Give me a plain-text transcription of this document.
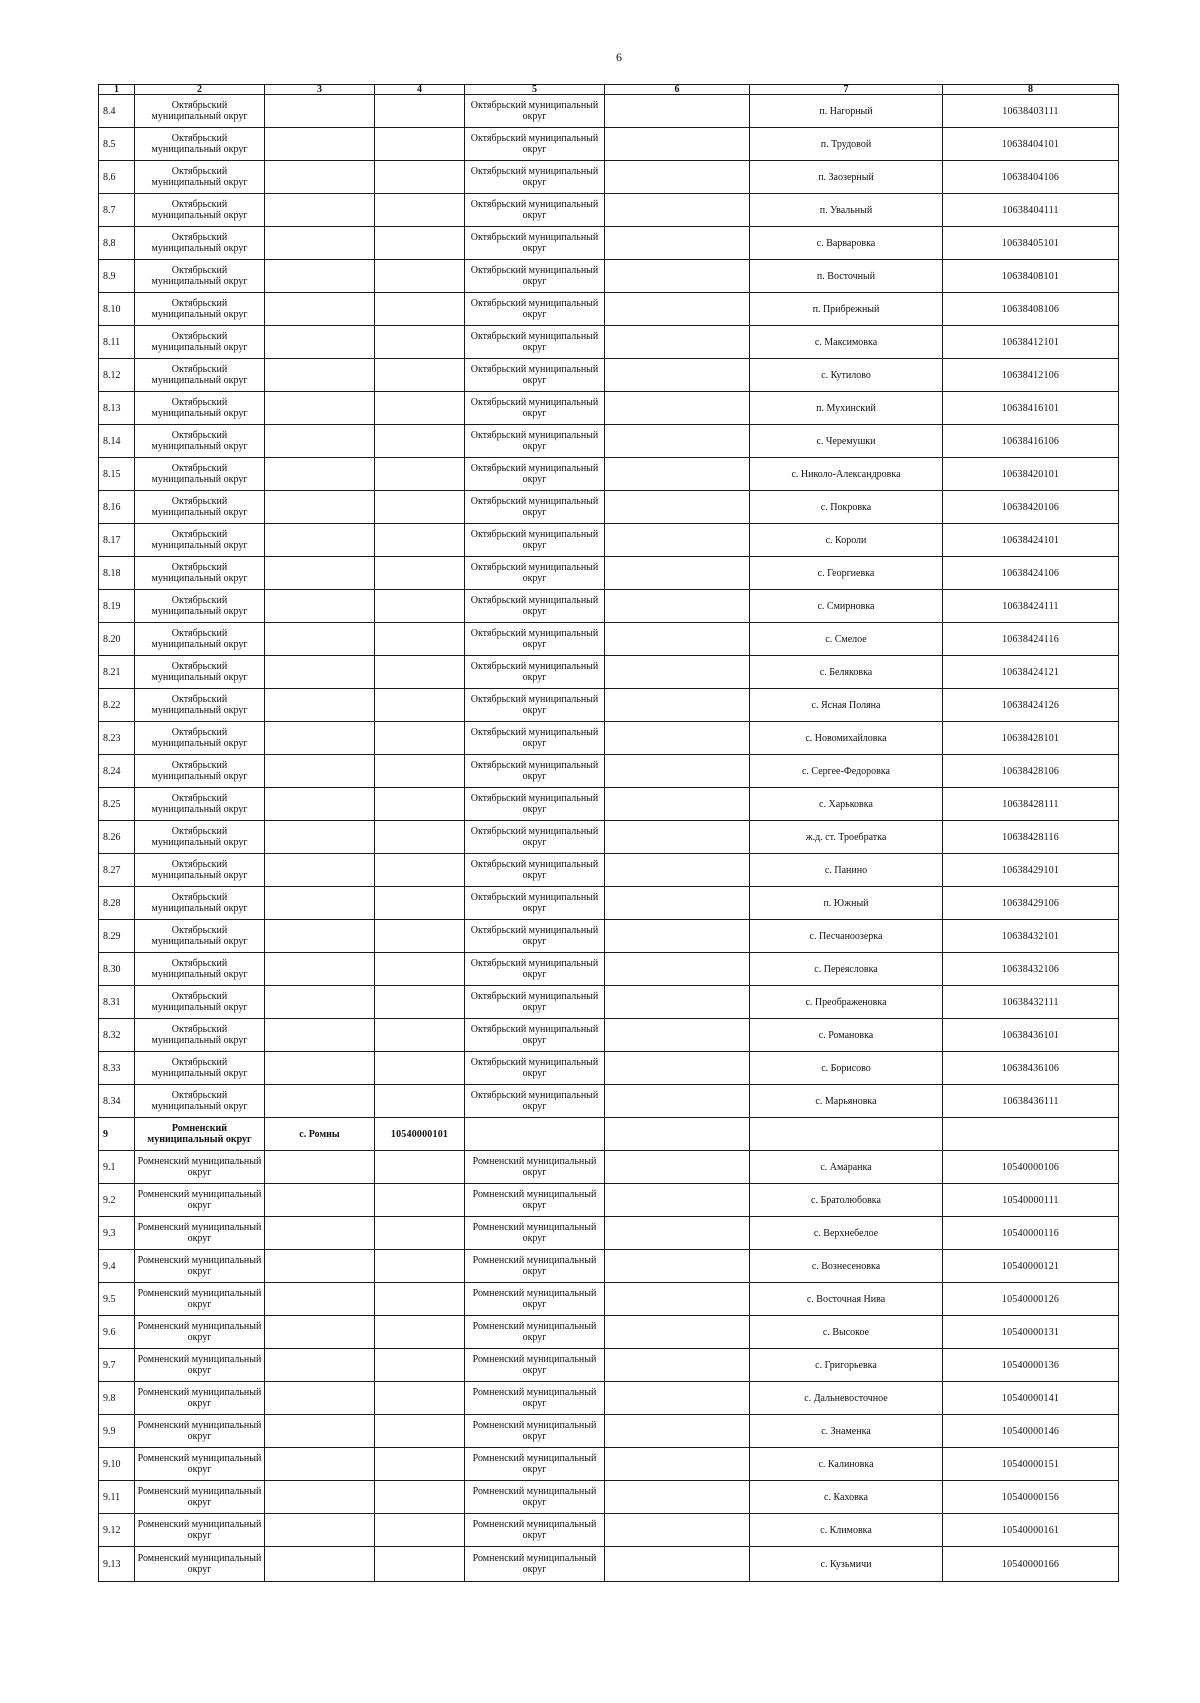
6
1	2	3	4	5	6	7	8
8.4	Октябрьский муниципальный округ			Октябрьский муниципальный округ		п. Нагорный	10638403111
8.5	Октябрьский муниципальный округ			Октябрьский муниципальный округ		п. Трудовой	10638404101
8.6	Октябрьский муниципальный округ			Октябрьский муниципальный округ		п. Заозерный	10638404106
8.7	Октябрьский муниципальный округ			Октябрьский муниципальный округ		п. Увальный	10638404111
8.8	Октябрьский муниципальный округ			Октябрьский муниципальный округ		с. Варваровка	10638405101
8.9	Октябрьский муниципальный округ			Октябрьский муниципальный округ		п. Восточный	10638408101
8.10	Октябрьский муниципальный округ			Октябрьский муниципальный округ		п. Прибрежный	10638408106
8.11	Октябрьский муниципальный округ			Октябрьский муниципальный округ		с. Максимовка	10638412101
8.12	Октябрьский муниципальный округ			Октябрьский муниципальный округ		с. Кутилово	10638412106
8.13	Октябрьский муниципальный округ			Октябрьский муниципальный округ		п. Мухинский	10638416101
8.14	Октябрьский муниципальный округ			Октябрьский муниципальный округ		с. Черемушки	10638416106
8.15	Октябрьский муниципальный округ			Октябрьский муниципальный округ		с. Николо-Александровка	10638420101
8.16	Октябрьский муниципальный округ			Октябрьский муниципальный округ		с. Покровка	10638420106
8.17	Октябрьский муниципальный округ			Октябрьский муниципальный округ		с. Короли	10638424101
8.18	Октябрьский муниципальный округ			Октябрьский муниципальный округ		с. Георгиевка	10638424106
8.19	Октябрьский муниципальный округ			Октябрьский муниципальный округ		с. Смирновка	10638424111
8.20	Октябрьский муниципальный округ			Октябрьский муниципальный округ		с. Смелое	10638424116
8.21	Октябрьский муниципальный округ			Октябрьский муниципальный округ		с. Беляковка	10638424121
8.22	Октябрьский муниципальный округ			Октябрьский муниципальный округ		с. Ясная Поляна	10638424126
8.23	Октябрьский муниципальный округ			Октябрьский муниципальный округ		с. Новомихайловка	10638428101
8.24	Октябрьский муниципальный округ			Октябрьский муниципальный округ		с. Сергее-Федоровка	10638428106
8.25	Октябрьский муниципальный округ			Октябрьский муниципальный округ		с. Харьковка	10638428111
8.26	Октябрьский муниципальный округ			Октябрьский муниципальный округ		ж.д. ст. Троебратка	10638428116
8.27	Октябрьский муниципальный округ			Октябрьский муниципальный округ		с. Панино	10638429101
8.28	Октябрьский муниципальный округ			Октябрьский муниципальный округ		п. Южный	10638429106
8.29	Октябрьский муниципальный округ			Октябрьский муниципальный округ		с. Песчаноозерка	10638432101
8.30	Октябрьский муниципальный округ			Октябрьский муниципальный округ		с. Переясловка	10638432106
8.31	Октябрьский муниципальный округ			Октябрьский муниципальный округ		с. Преображеновка	10638432111
8.32	Октябрьский муниципальный округ			Октябрьский муниципальный округ		с. Романовка	10638436101
8.33	Октябрьский муниципальный округ			Октябрьский муниципальный округ		с. Борисово	10638436106
8.34	Октябрьский муниципальный округ			Октябрьский муниципальный округ		с. Марьяновка	10638436111
9	Ромненский муниципальный округ	с. Ромны	10540000101				
9.1	Ромненский муниципальный округ			Ромненский муниципальный округ		с. Амаранка	10540000106
9.2	Ромненский муниципальный округ			Ромненский муниципальный округ		с. Братолюбовка	10540000111
9.3	Ромненский муниципальный округ			Ромненский муниципальный округ		с. Верхнебелое	10540000116
9.4	Ромненский муниципальный округ			Ромненский муниципальный округ		с. Вознесеновка	10540000121
9.5	Ромненский муниципальный округ			Ромненский муниципальный округ		с. Восточная Нива	10540000126
9.6	Ромненский муниципальный округ			Ромненский муниципальный округ		с. Высокое	10540000131
9.7	Ромненский муниципальный округ			Ромненский муниципальный округ		с. Григорьевка	10540000136
9.8	Ромненский муниципальный округ			Ромненский муниципальный округ		с. Дальневосточное	10540000141
9.9	Ромненский муниципальный округ			Ромненский муниципальный округ		с. Знаменка	10540000146
9.10	Ромненский муниципальный округ			Ромненский муниципальный округ		с. Калиновка	10540000151
9.11	Ромненский муниципальный округ			Ромненский муниципальный округ		с. Каховка	10540000156
9.12	Ромненский муниципальный округ			Ромненский муниципальный округ		с. Климовка	10540000161
9.13	Ромненский муниципальный округ			Ромненский муниципальный округ		с. Кузьмичи	10540000166
